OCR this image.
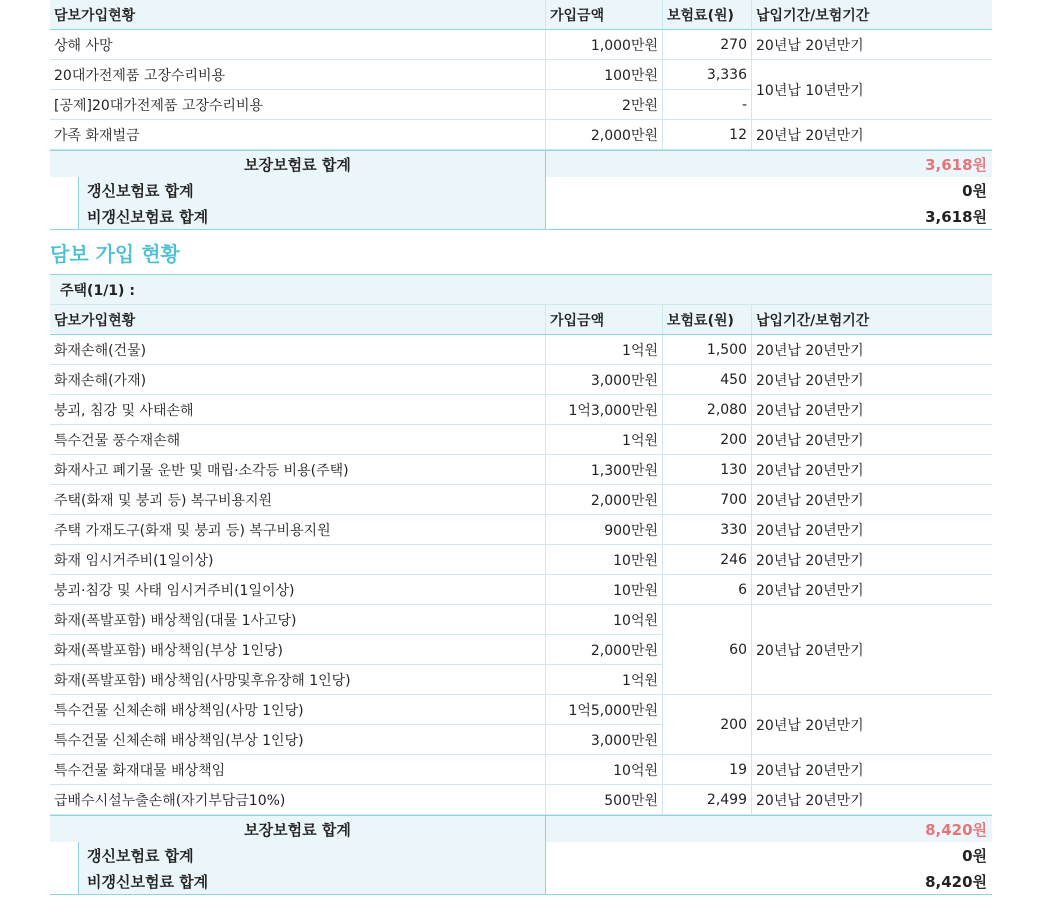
담보가입현황	가입금액	보험료(원)	납입기간/보험기간
상해 사망	1,000만원	270	20년납 20년만기
20대가전제품 고장수리비용	100만원	3,336	10년납 10년만기
[공제]20대가전제품 고장수리비용	2만원	-	
가족 화재벌금	2,000만원	12	20년납 20년만기
보장보험료 합계	3,618원
갱신보험료 합계	0원
비갱신보험료 합계	3,618원
담보 가입 현황
주택(1/1) :
담보가입현황	가입금액	보험료(원)	납입기간/보험기간
화재손해(건물)	1억원	1,500	20년납 20년만기
화재손해(가재)	3,000만원	450	20년납 20년만기
붕괴, 침강 및 사태손해	1억3,000만원	2,080	20년납 20년만기
특수건물 풍수재손해	1억원	200	20년납 20년만기
화재사고 폐기물 운반 및 매립·소각등 비용(주택)	1,300만원	130	20년납 20년만기
주택(화재 및 붕괴 등) 복구비용지원	2,000만원	700	20년납 20년만기
주택 가재도구(화재 및 붕괴 등) 복구비용지원	900만원	330	20년납 20년만기
화재 임시거주비(1일이상)	10만원	246	20년납 20년만기
붕괴·침강 및 사태 임시거주비(1일이상)	10만원	6	20년납 20년만기
화재(폭발포함) 배상책임(대물 1사고당)	10억원	60	20년납 20년만기
화재(폭발포함) 배상책임(부상 1인당)	2,000만원		
화재(폭발포함) 배상책임(사망및후유장해 1인당)	1억원		
특수건물 신체손해 배상책임(사망 1인당)	1억5,000만원	200	20년납 20년만기
특수건물 신체손해 배상책임(부상 1인당)	3,000만원		
특수건물 화재대물 배상책임	10억원	19	20년납 20년만기
급배수시설누출손해(자기부담금10%)	500만원	2,499	20년납 20년만기
보장보험료 합계	8,420원
갱신보험료 합계	0원
비갱신보험료 합계	8,420원
